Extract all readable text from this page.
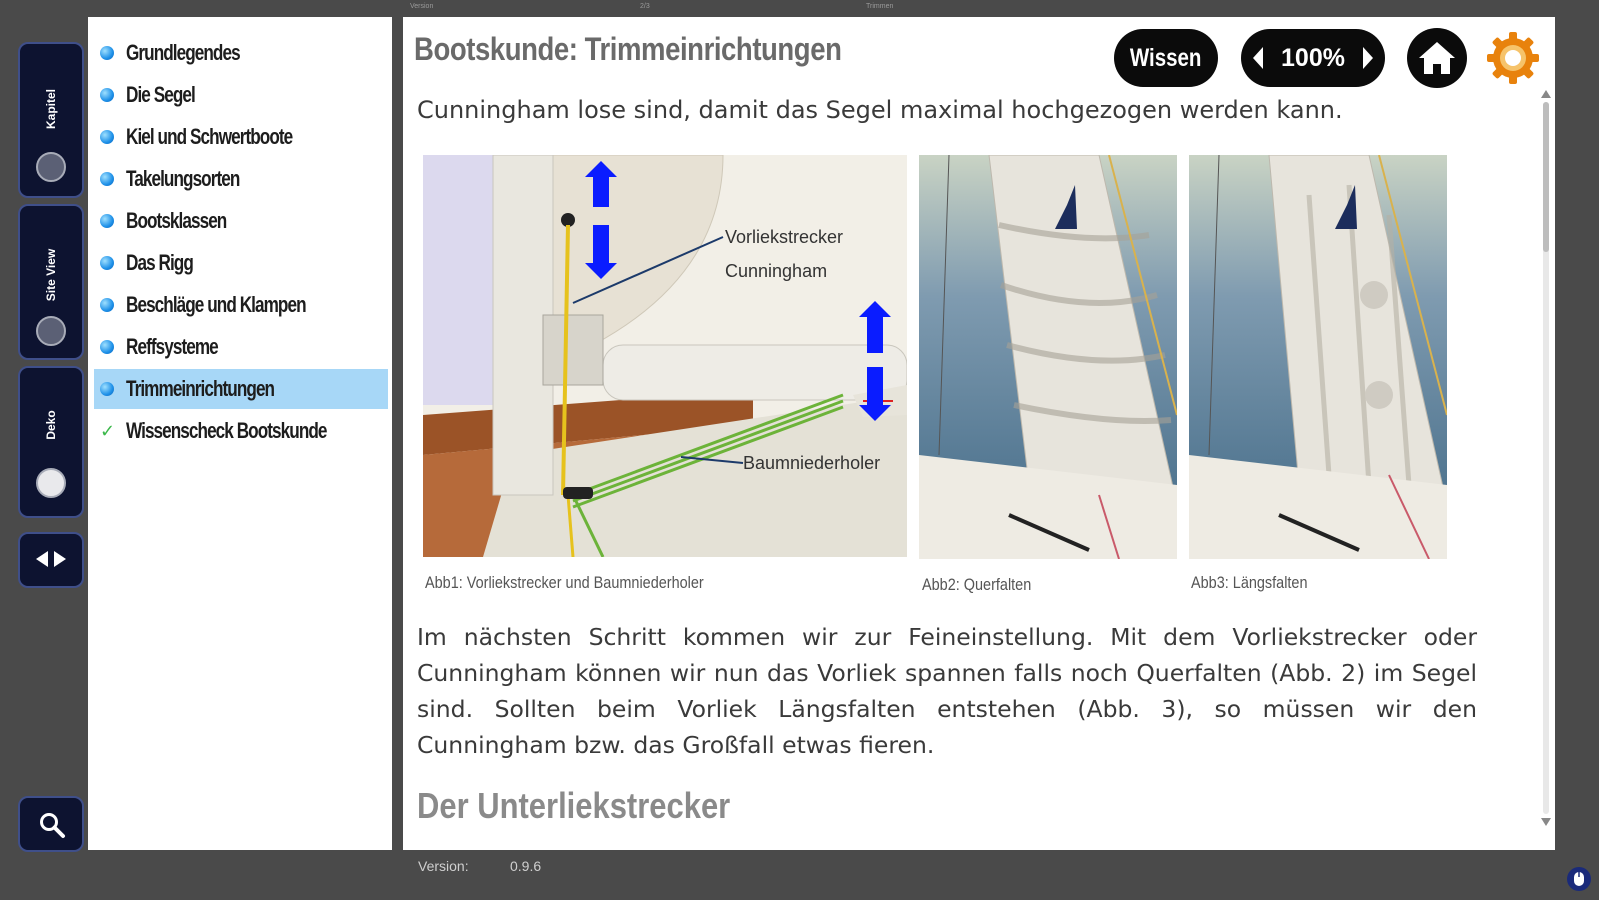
Version	2/3	Trimmen
Kapitel
Site View
Deko
Grundlegendes
Die Segel
Kiel und Schwertboote
Takelungsorten
Bootsklassen
Das Rigg
Beschläge und Klampen
Reffsysteme
Trimmeinrichtungen
✓ Wissenscheck Bootskunde
Bootskunde: Trimmeinrichtungen	Wissen	100%
Cunningham lose sind, damit das Segel maximal hochgezogen werden kann.
Vorliekstrecker
Cunningham
Baumniederholer
Abb1: Vorliekstrecker und Baumniederholer	Abb2: Querfalten	Abb3: Längsfalten
Im nächsten Schritt kommen wir zur Feineinstellung. Mit dem Vorliekstrecker oder Cunningham können wir nun das Vorliek spannen falls noch Querfalten (Abb. 2) im Segel sind. Sollten beim Vorliek Längsfalten entstehen (Abb. 3), so müssen wir den Cunningham bzw. das Großfall etwas fieren.
Der Unterliekstrecker
Version:	0.9.6
